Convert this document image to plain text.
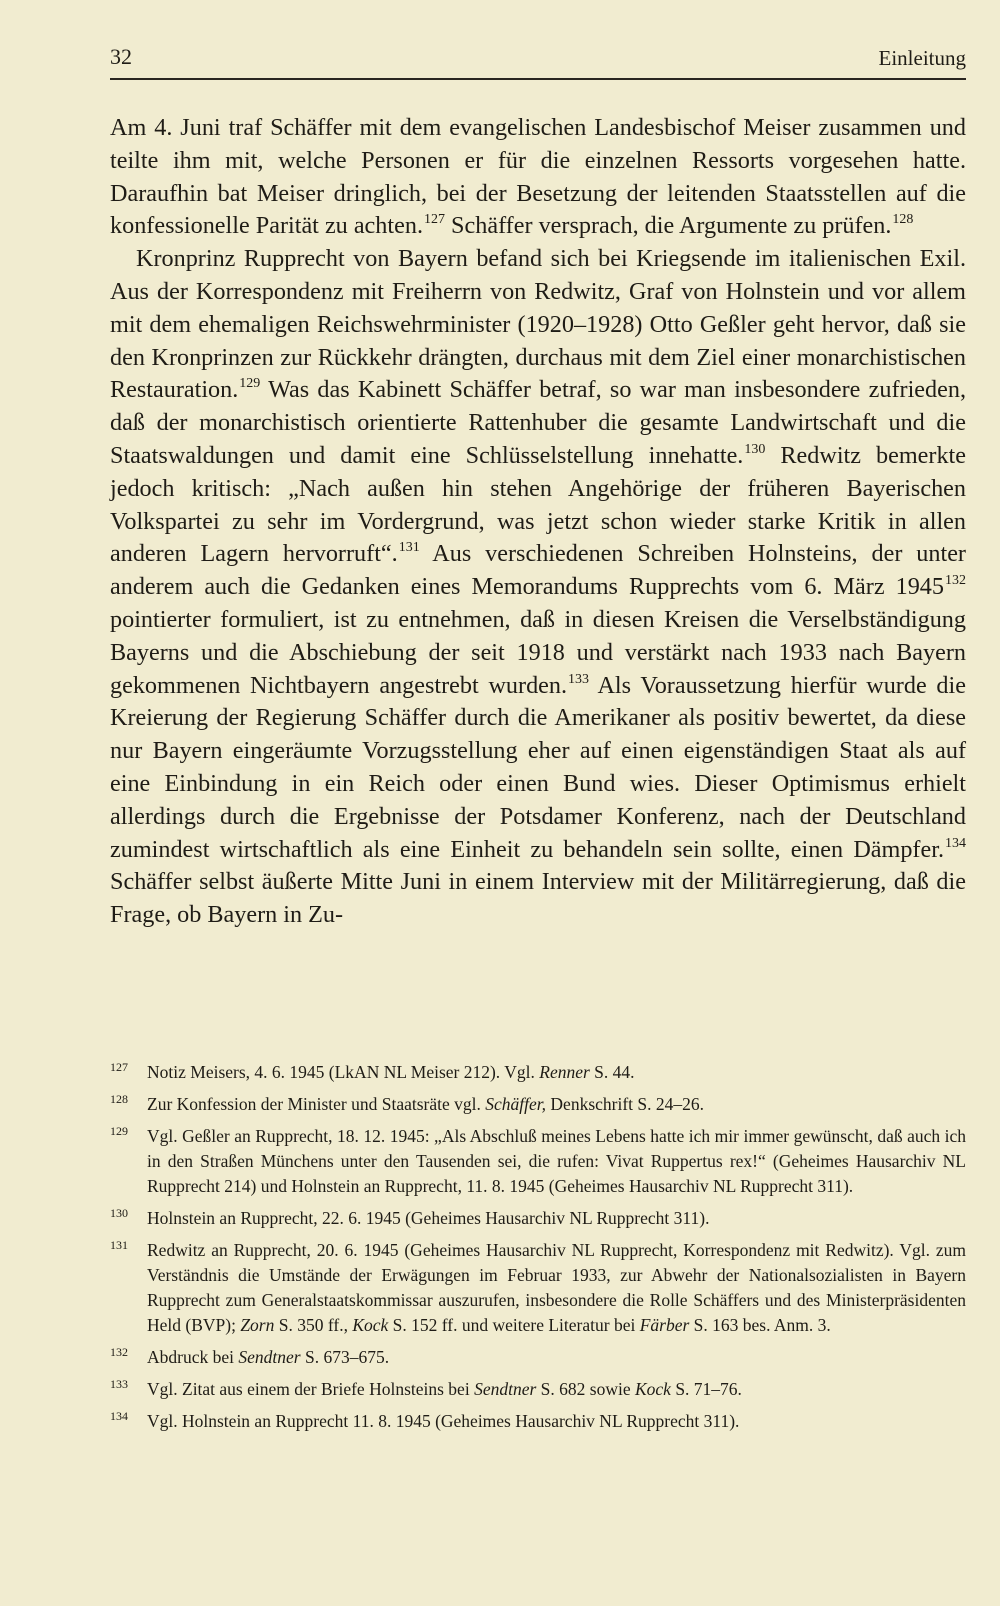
32	Einleitung

Am 4. Juni traf Schäffer mit dem evangelischen Landesbischof Meiser zusammen und teilte ihm mit, welche Personen er für die einzelnen Ressorts vorgesehen hatte. Daraufhin bat Meiser dringlich, bei der Besetzung der leitenden Staatsstellen auf die konfessionelle Parität zu achten.$^{127}$ Schäffer versprach, die Argumente zu prüfen.$^{128}$

Kronprinz Rupprecht von Bayern befand sich bei Kriegsende im italienischen Exil. Aus der Korrespondenz mit Freiherrn von Redwitz, Graf von Holnstein und vor allem mit dem ehemaligen Reichswehrminister (1920–1928) Otto Geßler geht hervor, daß sie den Kronprinzen zur Rückkehr drängten, durchaus mit dem Ziel einer monarchistischen Restauration.$^{129}$ Was das Kabinett Schäffer betraf, so war man insbesondere zufrieden, daß der monarchistisch orientierte Rattenhuber die gesamte Landwirtschaft und die Staatswaldungen und damit eine Schlüsselstellung innehatte.$^{130}$ Redwitz bemerkte jedoch kritisch: „Nach außen hin stehen Angehörige der früheren Bayerischen Volkspartei zu sehr im Vordergrund, was jetzt schon wieder starke Kritik in allen anderen Lagern hervorruft“.$^{131}$ Aus verschiedenen Schreiben Holnsteins, der unter anderem auch die Gedanken eines Memorandums Rupprechts vom 6. März 1945$^{132}$ pointierter formuliert, ist zu entnehmen, daß in diesen Kreisen die Verselbständigung Bayerns und die Abschiebung der seit 1918 und verstärkt nach 1933 nach Bayern gekommenen Nichtbayern angestrebt wurden.$^{133}$ Als Voraussetzung hierfür wurde die Kreierung der Regierung Schäffer durch die Amerikaner als positiv bewertet, da diese nur Bayern eingeräumte Vorzugsstellung eher auf einen eigenständigen Staat als auf eine Einbindung in ein Reich oder einen Bund wies. Dieser Optimismus erhielt allerdings durch die Ergebnisse der Potsdamer Konferenz, nach der Deutschland zumindest wirtschaftlich als eine Einheit zu behandeln sein sollte, einen Dämpfer.$^{134}$ Schäffer selbst äußerte Mitte Juni in einem Interview mit der Militärregierung, daß die Frage, ob Bayern in Zu-

127	Notiz Meisers, 4. 6. 1945 (LkAN NL Meiser 212). Vgl. Renner S. 44.
128	Zur Konfession der Minister und Staatsräte vgl. Schäffer, Denkschrift S. 24–26.
129	Vgl. Geßler an Rupprecht, 18. 12. 1945: „Als Abschluß meines Lebens hatte ich mir immer gewünscht, daß auch ich in den Straßen Münchens unter den Tausenden sei, die rufen: Vivat Ruppertus rex!“ (Geheimes Hausarchiv NL Rupprecht 214) und Holnstein an Rupprecht, 11. 8. 1945 (Geheimes Hausarchiv NL Rupprecht 311).
130	Holnstein an Rupprecht, 22. 6. 1945 (Geheimes Hausarchiv NL Rupprecht 311).
131	Redwitz an Rupprecht, 20. 6. 1945 (Geheimes Hausarchiv NL Rupprecht, Korrespondenz mit Redwitz). Vgl. zum Verständnis die Umstände der Erwägungen im Februar 1933, zur Abwehr der Nationalsozialisten in Bayern Rupprecht zum Generalstaatskommissar auszurufen, insbesondere die Rolle Schäffers und des Ministerpräsidenten Held (BVP); Zorn S. 350 ff., Kock S. 152 ff. und weitere Literatur bei Färber S. 163 bes. Anm. 3.
132	Abdruck bei Sendtner S. 673–675.
133	Vgl. Zitat aus einem der Briefe Holnsteins bei Sendtner S. 682 sowie Kock S. 71–76.
134	Vgl. Holnstein an Rupprecht 11. 8. 1945 (Geheimes Hausarchiv NL Rupprecht 311).
